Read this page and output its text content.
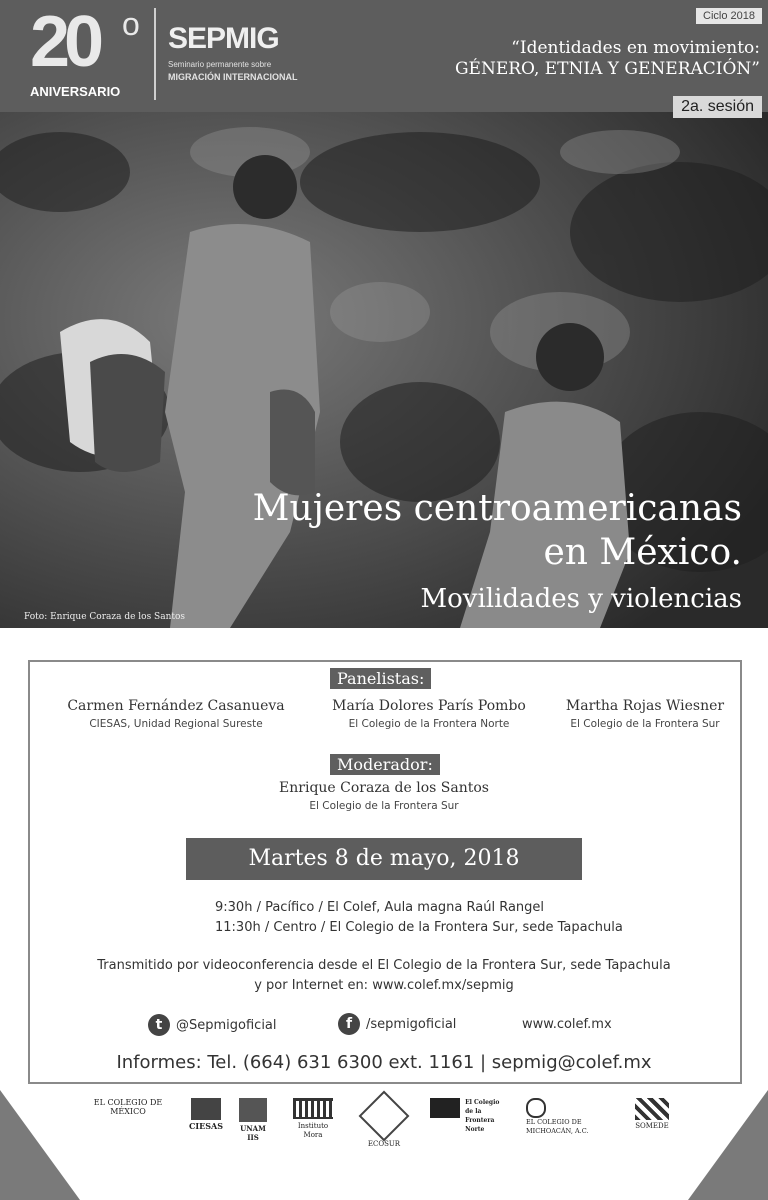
20 o
ANIVERSARIO
SEPMIG
Seminario permanente sobre
MIGRACIÓN INTERNACIONAL
Ciclo 2018
“Identidades en movimiento:
GÉNERO, ETNIA Y GENERACIÓN”
2a. sesión
Mujeres centroamericanas
en México.
Movilidades y violencias
Foto: Enrique Coraza de los Santos
Panelistas:
Carmen Fernández Casanueva
CIESAS, Unidad Regional Sureste
María Dolores París Pombo
El Colegio de la Frontera Norte
Martha Rojas Wiesner
El Colegio de la Frontera Sur
Moderador:
Enrique Coraza de los Santos
El Colegio de la Frontera Sur
Martes 8 de mayo, 2018
9:30h / Pacífico / El Colef, Aula magna Raúl Rangel
11:30h / Centro / El Colegio de la Frontera Sur, sede Tapachula
Transmitido por videoconferencia desde el El Colegio de la Frontera Sur, sede Tapachula
y por Internet en: www.colef.mx/sepmig
t	@Sepmigoficial	f	/sepmigoficial	www.colef.mx
Informes: Tel. (664) 631 6300 ext. 1161 | sepmig@colef.mx
EL COLEGIO DE MÉXICO
CIESAS	UNAM IIS
Instituto Mora
ECOSUR
El Colegio de la Frontera Norte
EL COLEGIO DE MICHOACÁN, A.C.
SOMEDE
